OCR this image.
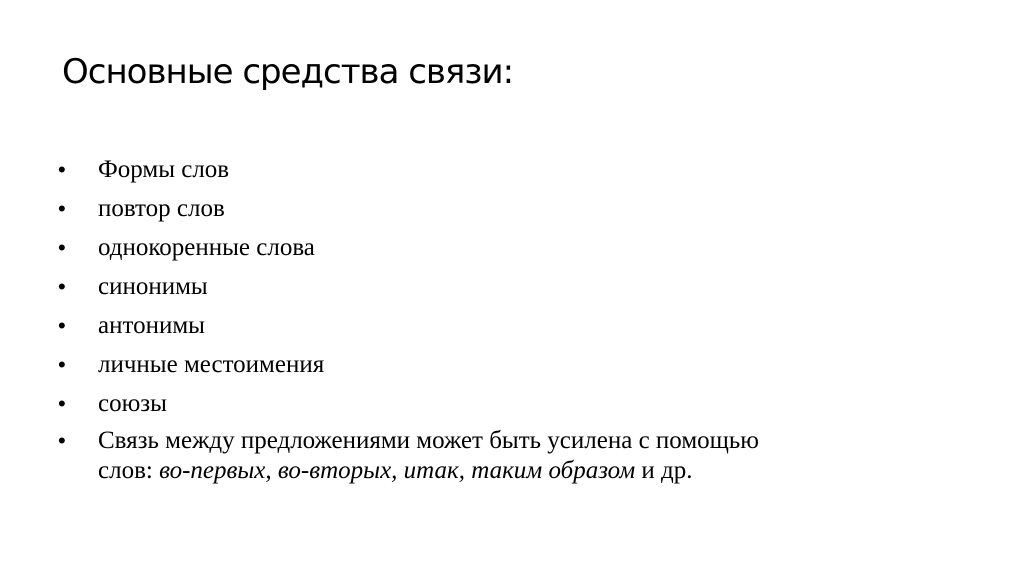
Основные средства связи:
• Формы слов
• повтор слов
• однокоренные слова
• синонимы
• антонимы
• личные местоимения
• союзы
• Связь между предложениями может быть усилена с помощью
слов: во-первых, во-вторых, итак, таким образом и др.
